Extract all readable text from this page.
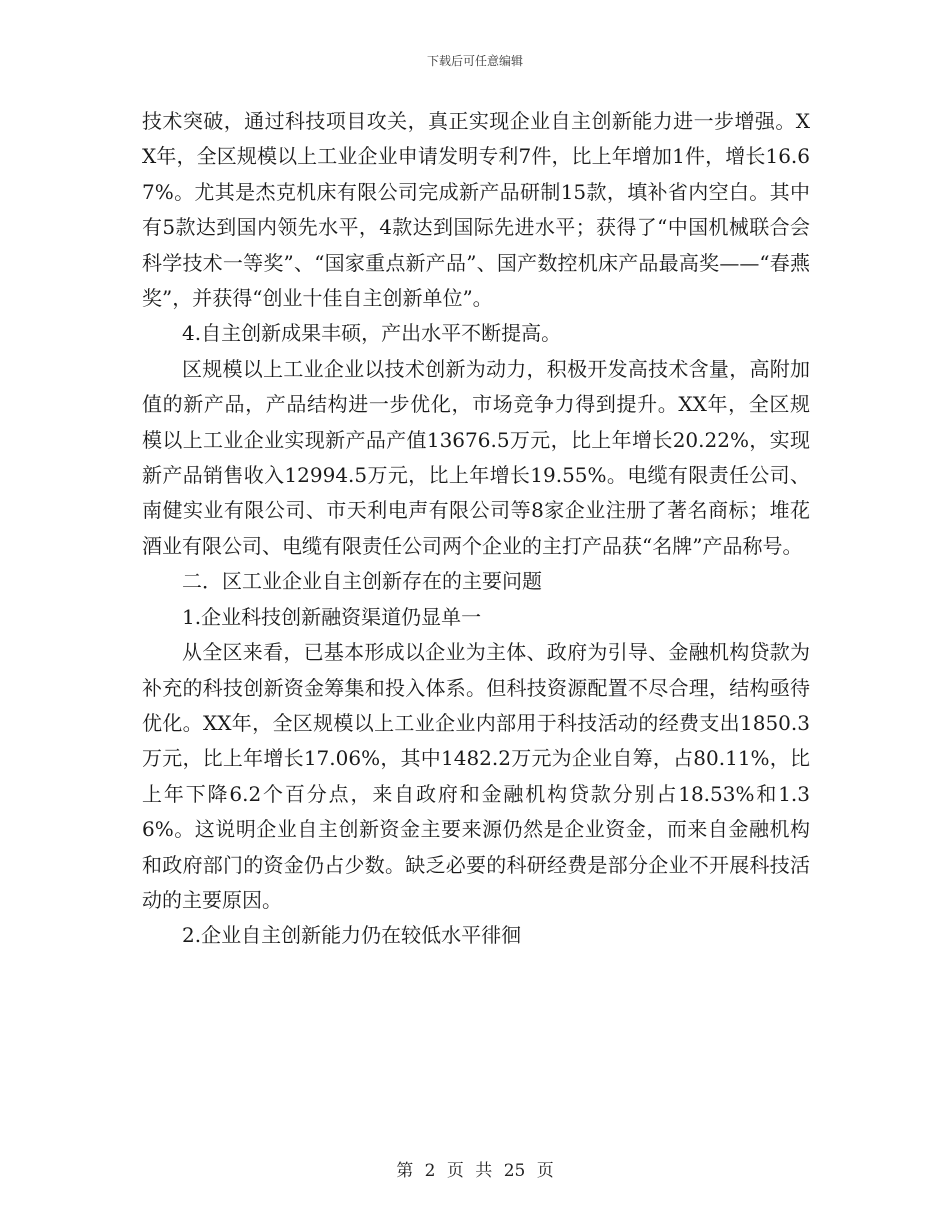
下载后可任意编辑

技术突破，通过科技项目攻关，真正实现企业自主创新能力进一步增强。XX年，全区规模以上工业企业申请发明专利7件，比上年增加1件，增长16.67%。尤其是杰克机床有限公司完成新产品研制15款，填补省内空白。其中有5款达到国内领先水平，4款达到国际先进水平；获得了“中国机械联合会科学技术一等奖”、“国家重点新产品”、国产数控机床产品最高奖——“春燕奖”，并获得“创业十佳自主创新单位”。

4.自主创新成果丰硕，产出水平不断提高。

区规模以上工业企业以技术创新为动力，积极开发高技术含量，高附加值的新产品，产品结构进一步优化，市场竞争力得到提升。XX年，全区规模以上工业企业实现新产品产值13676.5万元，比上年增长20.22%，实现新产品销售收入12994.5万元，比上年增长19.55%。电缆有限责任公司、南健实业有限公司、市天利电声有限公司等8家企业注册了著名商标；堆花酒业有限公司、电缆有限责任公司两个企业的主打产品获“名牌”产品称号。

二．区工业企业自主创新存在的主要问题

1.企业科技创新融资渠道仍显单一

从全区来看，已基本形成以企业为主体、政府为引导、金融机构贷款为补充的科技创新资金筹集和投入体系。但科技资源配置不尽合理，结构亟待优化。XX年，全区规模以上工业企业内部用于科技活动的经费支出1850.3万元，比上年增长17.06%，其中1482.2万元为企业自筹，占80.11%，比上年下降6.2个百分点，来自政府和金融机构贷款分别占18.53%和1.36%。这说明企业自主创新资金主要来源仍然是企业资金，而来自金融机构和政府部门的资金仍占少数。缺乏必要的科研经费是部分企业不开展科技活动的主要原因。

2.企业自主创新能力仍在较低水平徘徊

第 2 页 共 25 页
